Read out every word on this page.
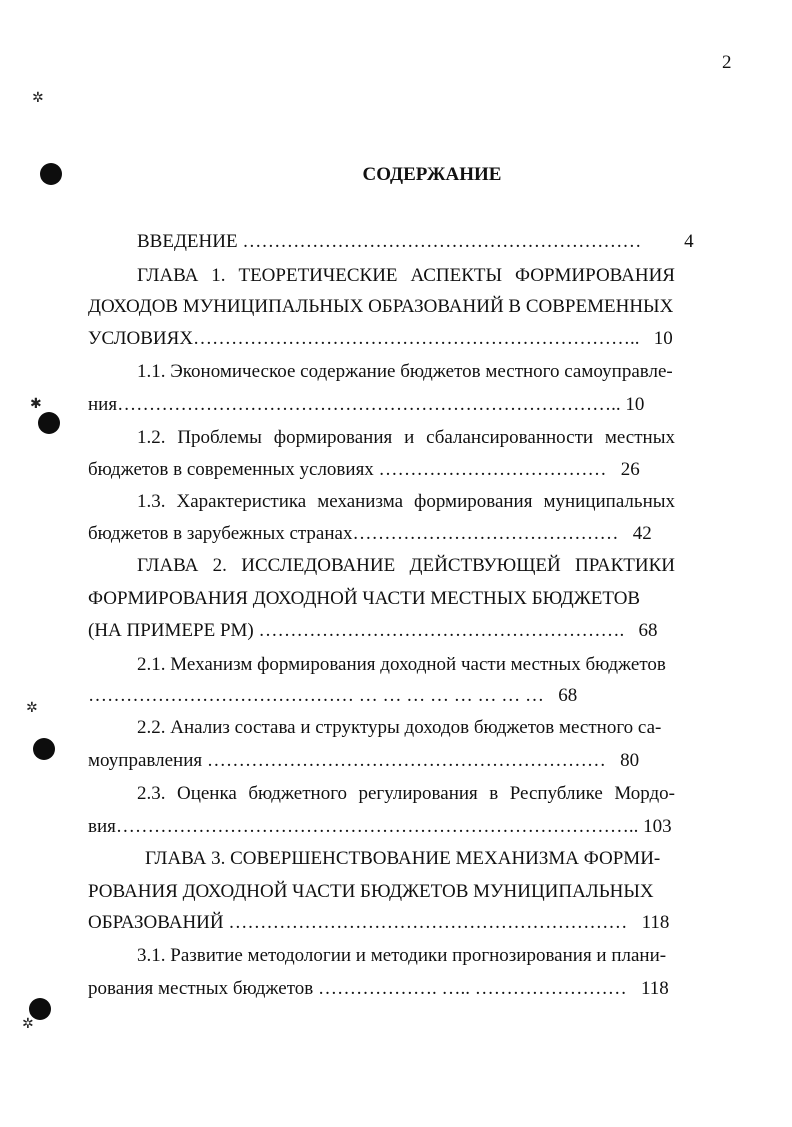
2
✲
✱
✲
✲
СОДЕРЖАНИЕ
ВВЕДЕНИЕ ………………………………………………………         4
ГЛАВА 1. ТЕОРЕТИЧЕСКИЕ АСПЕКТЫ ФОРМИРОВАНИЯ
ДОХОДОВ МУНИЦИПАЛЬНЫХ ОБРАЗОВАНИЙ В СОВРЕМЕННЫХ
УСЛОВИЯХ……………………………………………………………..   10
1.1. Экономическое содержание бюджетов местного самоуправле-
ния…………………………………………………………………….. 10
1.2. Проблемы формирования и сбалансированности местных
бюджетов в современных условиях ………………………………   26
1.3. Характеристика механизма формирования муниципальных
бюджетов в зарубежных странах……………………………………   42
ГЛАВА 2. ИССЛЕДОВАНИЕ ДЕЙСТВУЮЩЕЙ ПРАКТИКИ
ФОРМИРОВАНИЯ ДОХОДНОЙ ЧАСТИ МЕСТНЫХ БЮДЖЕТОВ
(НА ПРИМЕРЕ РМ) ………………………………………………….   68
2.1. Механизм формирования доходной части местных бюджетов
…………………………………… … … … … … … … …   68
2.2. Анализ состава и структуры доходов бюджетов местного са-
моуправления ………………………………………………………   80
2.3. Оценка бюджетного регулирования в Республике Мордо-
вия……………………………………………………………………….. 103
ГЛАВА 3. СОВЕРШЕНСТВОВАНИЕ МЕХАНИЗМА ФОРМИ-
РОВАНИЯ ДОХОДНОЙ ЧАСТИ БЮДЖЕТОВ МУНИЦИПАЛЬНЫХ
ОБРАЗОВАНИЙ ………………………………………………………   118
3.1. Развитие методологии и методики прогнозирования и плани-
рования местных бюджетов ………………. ….. ……………………   118
